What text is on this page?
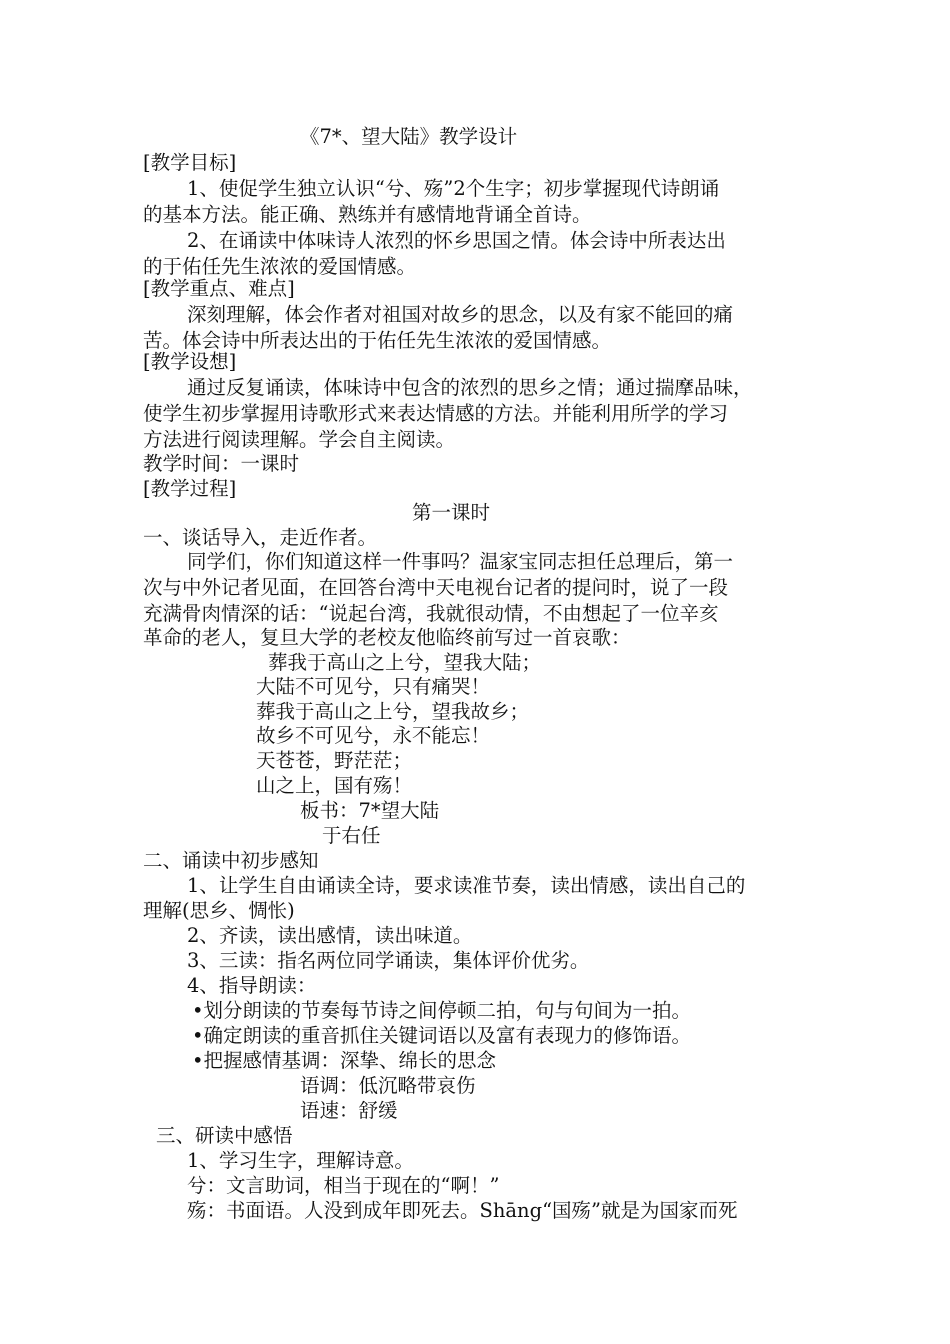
《7*、望大陆》教学设计
[教学目标]
1、使促学生独立认识“兮、殇”2个生字；初步掌握现代诗朗诵
的基本方法。能正确、熟练并有感情地背诵全首诗。
2、在诵读中体味诗人浓烈的怀乡思国之情。体会诗中所表达出
的于佑任先生浓浓的爱国情感。
[教学重点、难点]
深刻理解，体会作者对祖国对故乡的思念，以及有家不能回的痛
苦。体会诗中所表达出的于佑任先生浓浓的爱国情感。
[教学设想]
通过反复诵读，体味诗中包含的浓烈的思乡之情；通过揣摩品味，
使学生初步掌握用诗歌形式来表达情感的方法。并能利用所学的学习
方法进行阅读理解。学会自主阅读。
教学时间：一课时
[教学过程]
第一课时
一、谈话导入，走近作者。
同学们，你们知道这样一件事吗？温家宝同志担任总理后，第一
次与中外记者见面，在回答台湾中天电视台记者的提问时，说了一段
充满骨肉情深的话：“说起台湾，我就很动情，不由想起了一位辛亥
革命的老人，复旦大学的老校友他临终前写过一首哀歌：
葬我于高山之上兮，望我大陆；
大陆不可见兮，只有痛哭！
葬我于高山之上兮，望我故乡；
故乡不可见兮，永不能忘！
天苍苍，野茫茫；
山之上，国有殇！
板书：7*望大陆
于右任
二、诵读中初步感知
1、让学生自由诵读全诗，要求读准节奏，读出情感，读出自己的
理解(思乡、惆怅)
2、齐读，读出感情，读出味道。
3、三读：指名两位同学诵读，集体评价优劣。
4、指导朗读：
•划分朗读的节奏每节诗之间停顿二拍，句与句间为一拍。
•确定朗读的重音抓住关键词语以及富有表现力的修饰语。
•把握感情基调：深挚、绵长的思念
语调：低沉略带哀伤
语速：舒缓
三、研读中感悟
1、学习生字，理解诗意。
兮：文言助词，相当于现在的“啊！”
殇：书面语。人没到成年即死去。Shāng“国殇”就是为国家而死
